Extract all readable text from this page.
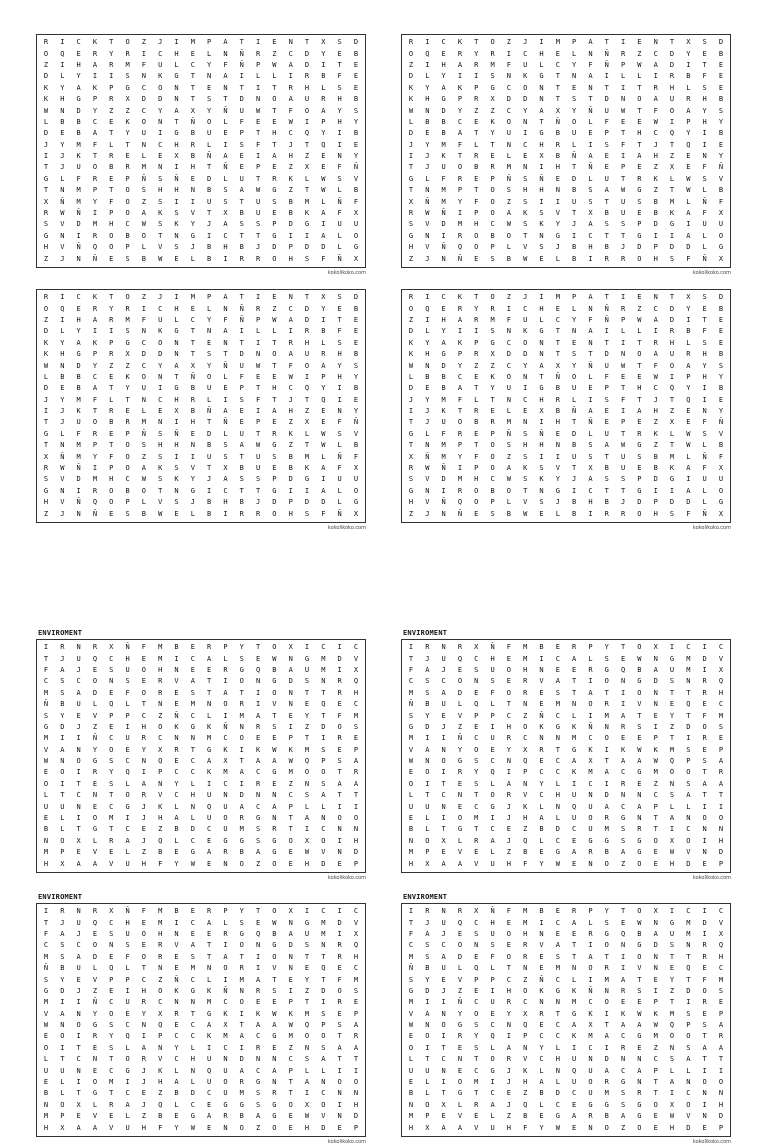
R	I	C	K	T	O	Z	J	I	M	P	A	T	I	E	N	T	X	S	D
O	Q	E	R	Y	R	I	C	H	E	L	N	Ñ	R	Z	C	D	Y	E	B
Z	I	H	A	R	M	F	U	L	C	Y	F	Ñ	P	W	A	D	I	T	E
D	L	Y	I	I	S	N	K	G	T	N	A	I	L	L	I	R	B	F	E
K	Y	A	K	P	G	C	O	N	T	E	N	T	I	T	R	H	L	S	E
K	H	G	P	R	X	D	D	N	T	S	T	D	N	O	A	U	R	H	B
W	N	D	Y	Z	Z	C	Y	A	X	Y	Ñ	U	W	T	F	O	A	Y	S
L	B	B	C	E	K	O	N	T	Ñ	O	L	F	E	E	W	I	P	H	Y
D	E	B	A	T	Y	U	I	G	B	U	E	P	T	H	C	Q	Y	I	B
J	Y	M	F	L	T	N	C	H	R	L	I	S	F	T	J	T	Q	I	E
I	J	K	T	R	E	L	E	X	B	Ñ	A	E	I	A	H	Z	E	N	Y
T	J	U	O	B	R	M	N	I	H	T	Ñ	E	P	E	Z	X	E	F	Ñ
G	L	F	R	E	P	Ñ	S	Ñ	E	D	L	U	T	R	K	L	W	S	V
T	N	M	P	T	O	S	H	H	N	B	S	A	W	G	Z	T	W	L	B
X	Ñ	M	Y	F	O	Z	S	I	I	U	S	T	U	S	B	M	L	Ñ	F
R	W	Ñ	I	P	O	A	K	S	V	T	X	B	U	E	B	K	A	F	X
S	V	D	M	H	C	W	S	K	Y	J	A	S	S	P	D	G	I	U	U
G	N	I	R	O	B	O	T	N	G	I	C	T	T	G	I	I	A	L	O
H	V	Ñ	Q	O	P	L	V	S	J	B	H	B	J	D	P	D	D	L	G
Z	J	N	Ñ	E	S	B	W	E	L	B	I	R	R	O	H	S	F	Ñ	X
kokolikoko.com
R	I	C	K	T	O	Z	J	I	M	P	A	T	I	E	N	T	X	S	D
O	Q	E	R	Y	R	I	C	H	E	L	N	Ñ	R	Z	C	D	Y	E	B
Z	I	H	A	R	M	F	U	L	C	Y	F	Ñ	P	W	A	D	I	T	E
D	L	Y	I	I	S	N	K	G	T	N	A	I	L	L	I	R	B	F	E
K	Y	A	K	P	G	C	O	N	T	E	N	T	I	T	R	H	L	S	E
K	H	G	P	R	X	D	D	N	T	S	T	D	N	O	A	U	R	H	B
W	N	D	Y	Z	Z	C	Y	A	X	Y	Ñ	U	W	T	F	O	A	Y	S
L	B	B	C	E	K	O	N	T	Ñ	O	L	F	E	E	W	I	P	H	Y
D	E	B	A	T	Y	U	I	G	B	U	E	P	T	H	C	Q	Y	I	B
J	Y	M	F	L	T	N	C	H	R	L	I	S	F	T	J	T	Q	I	E
I	J	K	T	R	E	L	E	X	B	Ñ	A	E	I	A	H	Z	E	N	Y
T	J	U	O	B	R	M	N	I	H	T	Ñ	E	P	E	Z	X	E	F	Ñ
G	L	F	R	E	P	Ñ	S	Ñ	E	D	L	U	T	R	K	L	W	S	V
T	N	M	P	T	O	S	H	H	N	B	S	A	W	G	Z	T	W	L	B
X	Ñ	M	Y	F	O	Z	S	I	I	U	S	T	U	S	B	M	L	Ñ	F
R	W	Ñ	I	P	O	A	K	S	V	T	X	B	U	E	B	K	A	F	X
S	V	D	M	H	C	W	S	K	Y	J	A	S	S	P	D	G	I	U	U
G	N	I	R	O	B	O	T	N	G	I	C	T	T	G	I	I	A	L	O
H	V	Ñ	Q	O	P	L	V	S	J	B	H	B	J	D	P	D	D	L	G
Z	J	N	Ñ	E	S	B	W	E	L	B	I	R	R	O	H	S	F	Ñ	X
kokolikoko.com
R	I	C	K	T	O	Z	J	I	M	P	A	T	I	E	N	T	X	S	D
O	Q	E	R	Y	R	I	C	H	E	L	N	Ñ	R	Z	C	D	Y	E	B
Z	I	H	A	R	M	F	U	L	C	Y	F	Ñ	P	W	A	D	I	T	E
D	L	Y	I	I	S	N	K	G	T	N	A	I	L	L	I	R	B	F	E
K	Y	A	K	P	G	C	O	N	T	E	N	T	I	T	R	H	L	S	E
K	H	G	P	R	X	D	D	N	T	S	T	D	N	O	A	U	R	H	B
W	N	D	Y	Z	Z	C	Y	A	X	Y	Ñ	U	W	T	F	O	A	Y	S
L	B	B	C	E	K	O	N	T	Ñ	O	L	F	E	E	W	I	P	H	Y
D	E	B	A	T	Y	U	I	G	B	U	E	P	T	H	C	Q	Y	I	B
J	Y	M	F	L	T	N	C	H	R	L	I	S	F	T	J	T	Q	I	E
I	J	K	T	R	E	L	E	X	B	Ñ	A	E	I	A	H	Z	E	N	Y
T	J	U	O	B	R	M	N	I	H	T	Ñ	E	P	E	Z	X	E	F	Ñ
G	L	F	R	E	P	Ñ	S	Ñ	E	D	L	U	T	R	K	L	W	S	V
T	N	M	P	T	O	S	H	H	N	B	S	A	W	G	Z	T	W	L	B
X	Ñ	M	Y	F	O	Z	S	I	I	U	S	T	U	S	B	M	L	Ñ	F
R	W	Ñ	I	P	O	A	K	S	V	T	X	B	U	E	B	K	A	F	X
S	V	D	M	H	C	W	S	K	Y	J	A	S	S	P	D	G	I	U	U
G	N	I	R	O	B	O	T	N	G	I	C	T	T	G	I	I	A	L	O
H	V	Ñ	Q	O	P	L	V	S	J	B	H	B	J	D	P	D	D	L	G
Z	J	N	Ñ	E	S	B	W	E	L	B	I	R	R	O	H	S	F	Ñ	X
kokolikoko.com
R	I	C	K	T	O	Z	J	I	M	P	A	T	I	E	N	T	X	S	D
O	Q	E	R	Y	R	I	C	H	E	L	N	Ñ	R	Z	C	D	Y	E	B
Z	I	H	A	R	M	F	U	L	C	Y	F	Ñ	P	W	A	D	I	T	E
D	L	Y	I	I	S	N	K	G	T	N	A	I	L	L	I	R	B	F	E
K	Y	A	K	P	G	C	O	N	T	E	N	T	I	T	R	H	L	S	E
K	H	G	P	R	X	D	D	N	T	S	T	D	N	O	A	U	R	H	B
W	N	D	Y	Z	Z	C	Y	A	X	Y	Ñ	U	W	T	F	O	A	Y	S
L	B	B	C	E	K	O	N	T	Ñ	O	L	F	E	E	W	I	P	H	Y
D	E	B	A	T	Y	U	I	G	B	U	E	P	T	H	C	Q	Y	I	B
J	Y	M	F	L	T	N	C	H	R	L	I	S	F	T	J	T	Q	I	E
I	J	K	T	R	E	L	E	X	B	Ñ	A	E	I	A	H	Z	E	N	Y
T	J	U	O	B	R	M	N	I	H	T	Ñ	E	P	E	Z	X	E	F	Ñ
G	L	F	R	E	P	Ñ	S	Ñ	E	D	L	U	T	R	K	L	W	S	V
T	N	M	P	T	O	S	H	H	N	B	S	A	W	G	Z	T	W	L	B
X	Ñ	M	Y	F	O	Z	S	I	I	U	S	T	U	S	B	M	L	Ñ	F
R	W	Ñ	I	P	O	A	K	S	V	T	X	B	U	E	B	K	A	F	X
S	V	D	M	H	C	W	S	K	Y	J	A	S	S	P	D	G	I	U	U
G	N	I	R	O	B	O	T	N	G	I	C	T	T	G	I	I	A	L	O
H	V	Ñ	Q	O	P	L	V	S	J	B	H	B	J	D	P	D	D	L	G
Z	J	N	Ñ	E	S	B	W	E	L	B	I	R	R	O	H	S	F	Ñ	X
kokolikoko.com
ENVIROMENT
I	R	N	R	X	Ñ	F	M	B	E	R	P	Y	T	O	X	I	C	I	C
T	J	U	Q	C	H	E	M	I	C	A	L	S	E	W	N	G	M	D	V
F	A	J	E	S	U	O	H	N	E	E	R	G	Q	B	A	U	M	I	X
C	S	C	O	N	S	E	R	V	A	T	I	O	N	G	D	S	N	R	Q
M	S	A	D	E	F	O	R	E	S	T	A	T	I	O	N	T	T	R	H
Ñ	B	U	L	Q	L	T	N	E	M	N	O	R	I	V	N	E	Q	E	C
S	Y	E	V	P	P	C	Z	Ñ	C	L	I	M	A	T	E	Y	T	F	M
G	D	J	Z	E	I	H	O	K	G	K	Ñ	N	R	S	I	Z	D	O	S
M	I	I	Ñ	C	U	R	C	N	N	M	C	O	E	E	P	T	I	R	E
V	A	N	Y	O	E	Y	X	R	T	G	K	I	K	W	K	M	S	E	P
W	N	O	G	S	C	N	Q	E	C	A	X	T	A	A	W	Q	P	S	A
E	O	I	R	Y	Q	I	P	C	C	K	M	A	C	G	M	O	O	T	R
O	I	T	E	S	L	A	N	Y	L	I	C	I	R	E	Z	N	S	A	A
L	T	C	N	T	O	R	V	C	H	U	N	D	N	N	C	S	A	T	T
U	U	N	E	C	G	J	K	L	N	Q	U	A	C	A	P	L	L	I	I
E	L	I	O	M	I	J	H	A	L	U	O	R	G	N	T	A	N	O	O
B	L	T	G	T	C	E	Z	B	D	C	U	M	S	R	T	I	C	N	N
N	O	X	L	R	A	J	Q	L	C	E	G	G	S	G	O	X	O	I	H
M	P	E	V	E	L	Z	B	E	G	A	R	B	A	G	E	W	V	N	D
H	X	A	A	V	U	H	F	Y	W	E	N	O	Z	O	E	H	D	E	P
kokolikoko.com
ENVIROMENT
I	R	N	R	X	Ñ	F	M	B	E	R	P	Y	T	O	X	I	C	I	C
T	J	U	Q	C	H	E	M	I	C	A	L	S	E	W	N	G	M	D	V
F	A	J	E	S	U	O	H	N	E	E	R	G	Q	B	A	U	M	I	X
C	S	C	O	N	S	E	R	V	A	T	I	O	N	G	D	S	N	R	Q
M	S	A	D	E	F	O	R	E	S	T	A	T	I	O	N	T	T	R	H
Ñ	B	U	L	Q	L	T	N	E	M	N	O	R	I	V	N	E	Q	E	C
S	Y	E	V	P	P	C	Z	Ñ	C	L	I	M	A	T	E	Y	T	F	M
G	D	J	Z	E	I	H	O	K	G	K	Ñ	N	R	S	I	Z	D	O	S
M	I	I	Ñ	C	U	R	C	N	N	M	C	O	E	E	P	T	I	R	E
V	A	N	Y	O	E	Y	X	R	T	G	K	I	K	W	K	M	S	E	P
W	N	O	G	S	C	N	Q	E	C	A	X	T	A	A	W	Q	P	S	A
E	O	I	R	Y	Q	I	P	C	C	K	M	A	C	G	M	O	O	T	R
O	I	T	E	S	L	A	N	Y	L	I	C	I	R	E	Z	N	S	A	A
L	T	C	N	T	O	R	V	C	H	U	N	D	N	N	C	S	A	T	T
U	U	N	E	C	G	J	K	L	N	Q	U	A	C	A	P	L	L	I	I
E	L	I	O	M	I	J	H	A	L	U	O	R	G	N	T	A	N	O	O
B	L	T	G	T	C	E	Z	B	D	C	U	M	S	R	T	I	C	N	N
N	O	X	L	R	A	J	Q	L	C	E	G	G	S	G	O	X	O	I	H
M	P	E	V	E	L	Z	B	E	G	A	R	B	A	G	E	W	V	N	D
H	X	A	A	V	U	H	F	Y	W	E	N	O	Z	O	E	H	D	E	P
kokolikoko.com
ENVIROMENT
I	R	N	R	X	Ñ	F	M	B	E	R	P	Y	T	O	X	I	C	I	C
T	J	U	Q	C	H	E	M	I	C	A	L	S	E	W	N	G	M	D	V
F	A	J	E	S	U	O	H	N	E	E	R	G	Q	B	A	U	M	I	X
C	S	C	O	N	S	E	R	V	A	T	I	O	N	G	D	S	N	R	Q
M	S	A	D	E	F	O	R	E	S	T	A	T	I	O	N	T	T	R	H
Ñ	B	U	L	Q	L	T	N	E	M	N	O	R	I	V	N	E	Q	E	C
S	Y	E	V	P	P	C	Z	Ñ	C	L	I	M	A	T	E	Y	T	F	M
G	D	J	Z	E	I	H	O	K	G	K	Ñ	N	R	S	I	Z	D	O	S
M	I	I	Ñ	C	U	R	C	N	N	M	C	O	E	E	P	T	I	R	E
V	A	N	Y	O	E	Y	X	R	T	G	K	I	K	W	K	M	S	E	P
W	N	O	G	S	C	N	Q	E	C	A	X	T	A	A	W	Q	P	S	A
E	O	I	R	Y	Q	I	P	C	C	K	M	A	C	G	M	O	O	T	R
O	I	T	E	S	L	A	N	Y	L	I	C	I	R	E	Z	N	S	A	A
L	T	C	N	T	O	R	V	C	H	U	N	D	N	N	C	S	A	T	T
U	U	N	E	C	G	J	K	L	N	Q	U	A	C	A	P	L	L	I	I
E	L	I	O	M	I	J	H	A	L	U	O	R	G	N	T	A	N	O	O
B	L	T	G	T	C	E	Z	B	D	C	U	M	S	R	T	I	C	N	N
N	O	X	L	R	A	J	Q	L	C	E	G	G	S	G	O	X	O	I	H
M	P	E	V	E	L	Z	B	E	G	A	R	B	A	G	E	W	V	N	D
H	X	A	A	V	U	H	F	Y	W	E	N	O	Z	O	E	H	D	E	P
kokolikoko.com
ENVIROMENT
I	R	N	R	X	Ñ	F	M	B	E	R	P	Y	T	O	X	I	C	I	C
T	J	U	Q	C	H	E	M	I	C	A	L	S	E	W	N	G	M	D	V
F	A	J	E	S	U	O	H	N	E	E	R	G	Q	B	A	U	M	I	X
C	S	C	O	N	S	E	R	V	A	T	I	O	N	G	D	S	N	R	Q
M	S	A	D	E	F	O	R	E	S	T	A	T	I	O	N	T	T	R	H
Ñ	B	U	L	Q	L	T	N	E	M	N	O	R	I	V	N	E	Q	E	C
S	Y	E	V	P	P	C	Z	Ñ	C	L	I	M	A	T	E	Y	T	F	M
G	D	J	Z	E	I	H	O	K	G	K	Ñ	N	R	S	I	Z	D	O	S
M	I	I	Ñ	C	U	R	C	N	N	M	C	O	E	E	P	T	I	R	E
V	A	N	Y	O	E	Y	X	R	T	G	K	I	K	W	K	M	S	E	P
W	N	O	G	S	C	N	Q	E	C	A	X	T	A	A	W	Q	P	S	A
E	O	I	R	Y	Q	I	P	C	C	K	M	A	C	G	M	O	O	T	R
O	I	T	E	S	L	A	N	Y	L	I	C	I	R	E	Z	N	S	A	A
L	T	C	N	T	O	R	V	C	H	U	N	D	N	N	C	S	A	T	T
U	U	N	E	C	G	J	K	L	N	Q	U	A	C	A	P	L	L	I	I
E	L	I	O	M	I	J	H	A	L	U	O	R	G	N	T	A	N	O	O
B	L	T	G	T	C	E	Z	B	D	C	U	M	S	R	T	I	C	N	N
N	O	X	L	R	A	J	Q	L	C	E	G	G	S	G	O	X	O	I	H
M	P	E	V	E	L	Z	B	E	G	A	R	B	A	G	E	W	V	N	D
H	X	A	A	V	U	H	F	Y	W	E	N	O	Z	O	E	H	D	E	P
kokolikoko.com
